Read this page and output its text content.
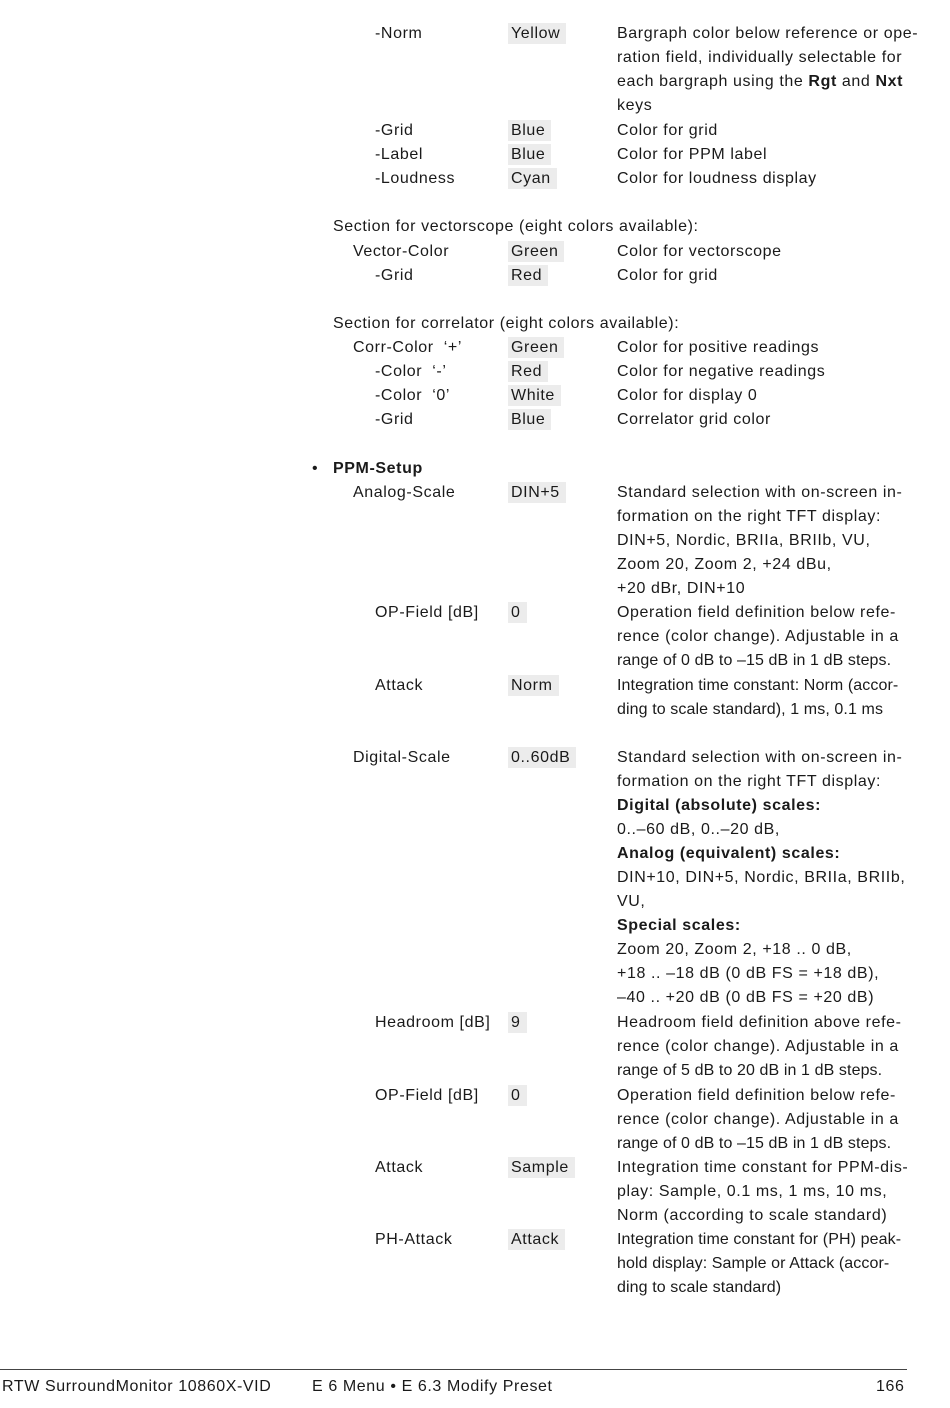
-Norm	Yellow	Bargraph color below reference or ope-
ration field, individually selectable for
each bargraph using the Rgt and Nxt
keys
-Grid	Blue	Color for grid
-Label	Blue	Color for PPM label
-Loudness	Cyan	Color for loudness display
Section for vectorscope (eight colors available):
Vector-Color	Green	Color for vectorscope
-Grid	Red	Color for grid
Section for correlator (eight colors available):
Corr-Color  ‘+’	Green	Color for positive readings
-Color  ‘-’	Red	Color for negative readings
-Color  ‘0’	White	Color for display 0
-Grid	Blue	Correlator grid color
• PPM-Setup
Analog-Scale	DIN+5	Standard selection with on-screen in-
formation on the right TFT display:
DIN+5, Nordic, BRIIa, BRIIb, VU,
Zoom 20, Zoom 2, +24 dBu,
+20 dBr, DIN+10
OP-Field [dB] 0	Operation field definition below refe-
rence (color change). Adjustable in a
range of 0 dB to –15 dB in 1 dB steps.
Attack	Norm	Integration time constant: Norm (accor-
ding to scale standard), 1 ms, 0.1 ms
Digital-Scale	0..60dB	Standard selection with on-screen in-
formation on the right TFT display:
Digital (absolute) scales:
0..–60 dB, 0..–20 dB,
Analog (equivalent) scales:
DIN+10, DIN+5, Nordic, BRIIa, BRIIb,
VU,
Special scales:
Zoom 20, Zoom 2, +18 .. 0 dB,
+18 .. –18 dB (0 dB FS = +18 dB),
–40 .. +20 dB (0 dB FS = +20 dB)
Headroom [dB] 9	Headroom field definition above refe-
rence (color change). Adjustable in a
range of 5 dB to 20 dB in 1 dB steps.
OP-Field [dB] 0	Operation field definition below refe-
rence (color change). Adjustable in a
range of 0 dB to –15 dB in 1 dB steps.
Attack	Sample	Integration time constant for PPM-dis-
play: Sample, 0.1 ms, 1 ms, 10 ms,
Norm (according to scale standard)
PH-Attack	Attack	Integration time constant for (PH) peak-
hold display: Sample or Attack (accor-
ding to scale standard)
RTW SurroundMonitor 10860X-VID	E 6 Menu • E 6.3 Modify Preset	166
